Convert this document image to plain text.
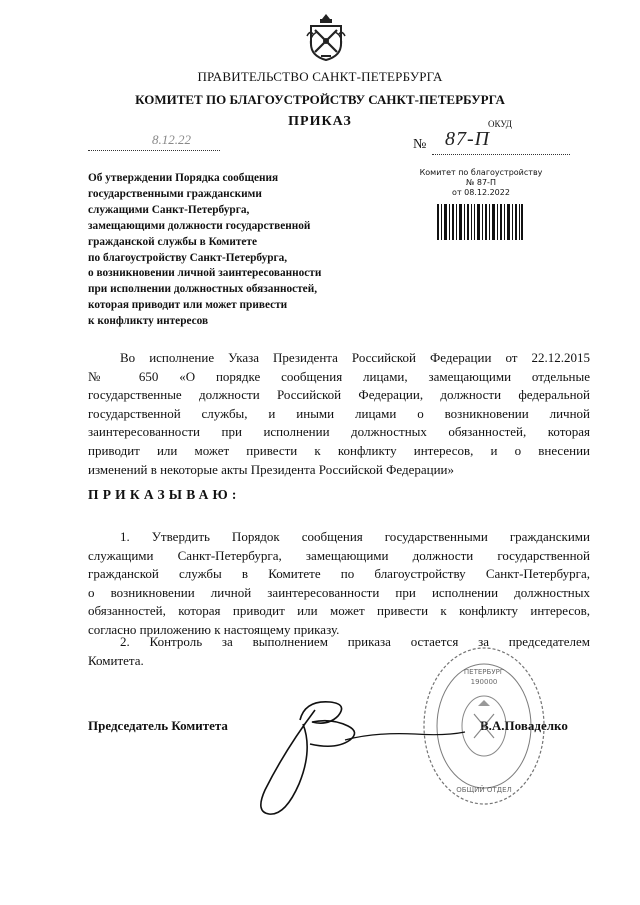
ПРАВИТЕЛЬСТВО САНКТ-ПЕТЕРБУРГА
КОМИТЕТ ПО БЛАГОУСТРОЙСТВУ САНКТ-ПЕТЕРБУРГА
ПРИКАЗ	ОКУД
8.12.22	№ 87-П
Об утверждении Порядка сообщения
государственными гражданскими
служащими Санкт-Петербурга,
замещающими должности государственной
гражданской службы в Комитете
по благоустройству Санкт-Петербурга,
о возникновении личной заинтересованности
при исполнении должностных обязанностей,
которая приводит или может привести
к конфликту интересов
Комитет по благоустройству
№ 87-П
от 08.12.2022
Во исполнение Указа Президента Российской Федерации от 22.12.2015
№ 650 «О порядке сообщения лицами, замещающими отдельные
государственные должности Российской Федерации, должности федеральной
государственной службы, и иными лицами о возникновении личной
заинтересованности при исполнении должностных обязанностей, которая
приводит или может привести к конфликту интересов, и о внесении
изменений в некоторые акты Президента Российской Федерации»
ПРИКАЗЫВАЮ:
1. Утвердить Порядок сообщения государственными гражданскими
служащими Санкт-Петербурга, замещающими должности государственной
гражданской службы в Комитете по благоустройству Санкт-Петербурга,
о возникновении личной заинтересованности при исполнении должностных
обязанностей, которая приводит или может привести к конфликту интересов,
согласно приложению к настоящему приказу.
2. Контроль за выполнением приказа остается за председателем
Комитета.
Председатель Комитета	В.А.Поваделко
ПЕТЕРБУРГ
190000
ОБЩИЙ ОТДЕЛ
